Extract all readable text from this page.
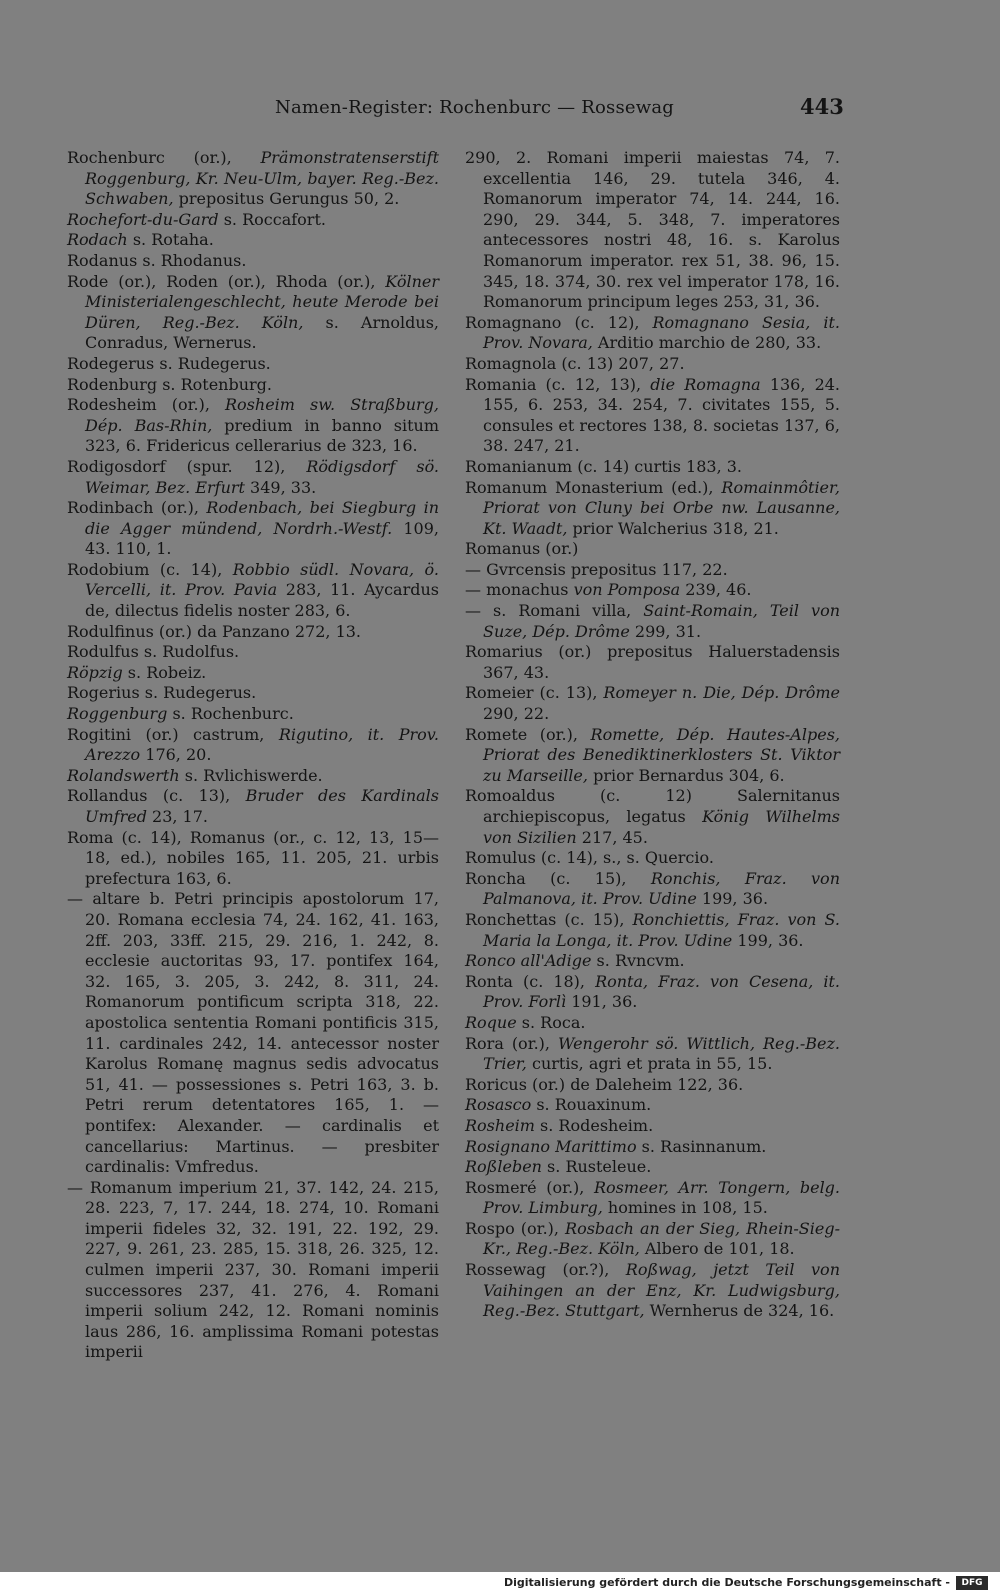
Namen-Register: Rochenburc — Rossewag	443

Rochenburc (or.), Prämonstratenserstift Roggenburg, Kr. Neu-Ulm, bayer. Reg.-Bez. Schwaben, prepositus Gerungus 50, 2.

Rochefort-du-Gard s. Roccafort.

Rodach s. Rotaha.

Rodanus s. Rhodanus.

Rode (or.), Roden (or.), Rhoda (or.), Kölner Ministerialengeschlecht, heute Merode bei Düren, Reg.-Bez. Köln, s. Arnoldus, Conradus, Wernerus.

Rodegerus s. Rudegerus.

Rodenburg s. Rotenburg.

Rodesheim (or.), Rosheim sw. Straßburg, Dép. Bas-Rhin, predium in banno situm 323, 6. Fridericus cellerarius de 323, 16.

Rodigosdorf (spur. 12), Rödigsdorf sö. Weimar, Bez. Erfurt 349, 33.

Rodinbach (or.), Rodenbach, bei Siegburg in die Agger mündend, Nordrh.-Westf. 109, 43. 110, 1.

Rodobium (c. 14), Robbio südl. Novara, ö. Vercelli, it. Prov. Pavia 283, 11. Aycardus de, dilectus fidelis noster 283, 6.

Rodulfinus (or.) da Panzano 272, 13.

Rodulfus s. Rudolfus.

Röpzig s. Robeiz.

Rogerius s. Rudegerus.

Roggenburg s. Rochenburc.

Rogitini (or.) castrum, Rigutino, it. Prov. Arezzo 176, 20.

Rolandswerth s. Rvlichiswerde.

Rollandus (c. 13), Bruder des Kardinals Umfred 23, 17.

Roma (c. 14), Romanus (or., c. 12, 13, 15—18, ed.), nobiles 165, 11. 205, 21. urbis prefectura 163, 6.

— altare b. Petri principis apostolorum 17, 20. Romana ecclesia 74, 24. 162, 41. 163, 2ff. 203, 33ff. 215, 29. 216, 1. 242, 8. ecclesie auctoritas 93, 17. pontifex 164, 32. 165, 3. 205, 3. 242, 8. 311, 24. Romanorum pontificum scripta 318, 22. apostolica sententia Romani pontificis 315, 11. cardinales 242, 14. antecessor noster Karolus Romanę magnus sedis advocatus 51, 41. — possessiones s. Petri 163, 3. b. Petri rerum detentatores 165, 1. — pontifex: Alexander. — cardinalis et cancellarius: Martinus. — presbiter cardinalis: Vmfredus.

— Romanum imperium 21, 37. 142, 24. 215, 28. 223, 7, 17. 244, 18. 274, 10. Romani imperii fideles 32, 32. 191, 22. 192, 29. 227, 9. 261, 23. 285, 15. 318, 26. 325, 12. culmen imperii 237, 30. Romani imperii successores 237, 41. 276, 4. Romani imperii solium 242, 12. Romani nominis laus 286, 16. amplissima Romani potestas imperii

290, 2. Romani imperii maiestas 74, 7. excellentia 146, 29. tutela 346, 4. Romanorum imperator 74, 14. 244, 16. 290, 29. 344, 5. 348, 7. imperatores antecessores nostri 48, 16. s. Karolus Romanorum imperator. rex 51, 38. 96, 15. 345, 18. 374, 30. rex vel imperator 178, 16. Romanorum principum leges 253, 31, 36.

Romagnano (c. 12), Romagnano Sesia, it. Prov. Novara, Arditio marchio de 280, 33.

Romagnola (c. 13) 207, 27.

Romania (c. 12, 13), die Romagna 136, 24. 155, 6. 253, 34. 254, 7. civitates 155, 5. consules et rectores 138, 8. societas 137, 6, 38. 247, 21.

Romanianum (c. 14) curtis 183, 3.

Romanum Monasterium (ed.), Romainmôtier, Priorat von Cluny bei Orbe nw. Lausanne, Kt. Waadt, prior Walcherius 318, 21.

Romanus (or.)

— Gvrcensis prepositus 117, 22.

— monachus von Pomposa 239, 46.

— s. Romani villa, Saint-Romain, Teil von Suze, Dép. Drôme 299, 31.

Romarius (or.) prepositus Haluerstadensis 367, 43.

Romeier (c. 13), Romeyer n. Die, Dép. Drôme 290, 22.

Romete (or.), Romette, Dép. Hautes-Alpes, Priorat des Benediktinerklosters St. Viktor zu Marseille, prior Bernardus 304, 6.

Romoaldus (c. 12) Salernitanus archiepiscopus, legatus König Wilhelms von Sizilien 217, 45.

Romulus (c. 14), s., s. Quercio.

Roncha (c. 15), Ronchis, Fraz. von Palmanova, it. Prov. Udine 199, 36.

Ronchettas (c. 15), Ronchiettis, Fraz. von S. Maria la Longa, it. Prov. Udine 199, 36.

Ronco all'Adige s. Rvncvm.

Ronta (c. 18), Ronta, Fraz. von Cesena, it. Prov. Forlì 191, 36.

Roque s. Roca.

Rora (or.), Wengerohr sö. Wittlich, Reg.-Bez. Trier, curtis, agri et prata in 55, 15.

Roricus (or.) de Daleheim 122, 36.

Rosasco s. Rouaxinum.

Rosheim s. Rodesheim.

Rosignano Marittimo s. Rasinnanum.

Roßleben s. Rusteleue.

Rosmeré (or.), Rosmeer, Arr. Tongern, belg. Prov. Limburg, homines in 108, 15.

Rospo (or.), Rosbach an der Sieg, Rhein-Sieg-Kr., Reg.-Bez. Köln, Albero de 101, 18.

Rossewag (or.?), Roßwag, jetzt Teil von Vaihingen an der Enz, Kr. Ludwigsburg, Reg.-Bez. Stuttgart, Wernherus de 324, 16.

Digitalisierung gefördert durch die Deutsche Forschungsgemeinschaft -	DFG
